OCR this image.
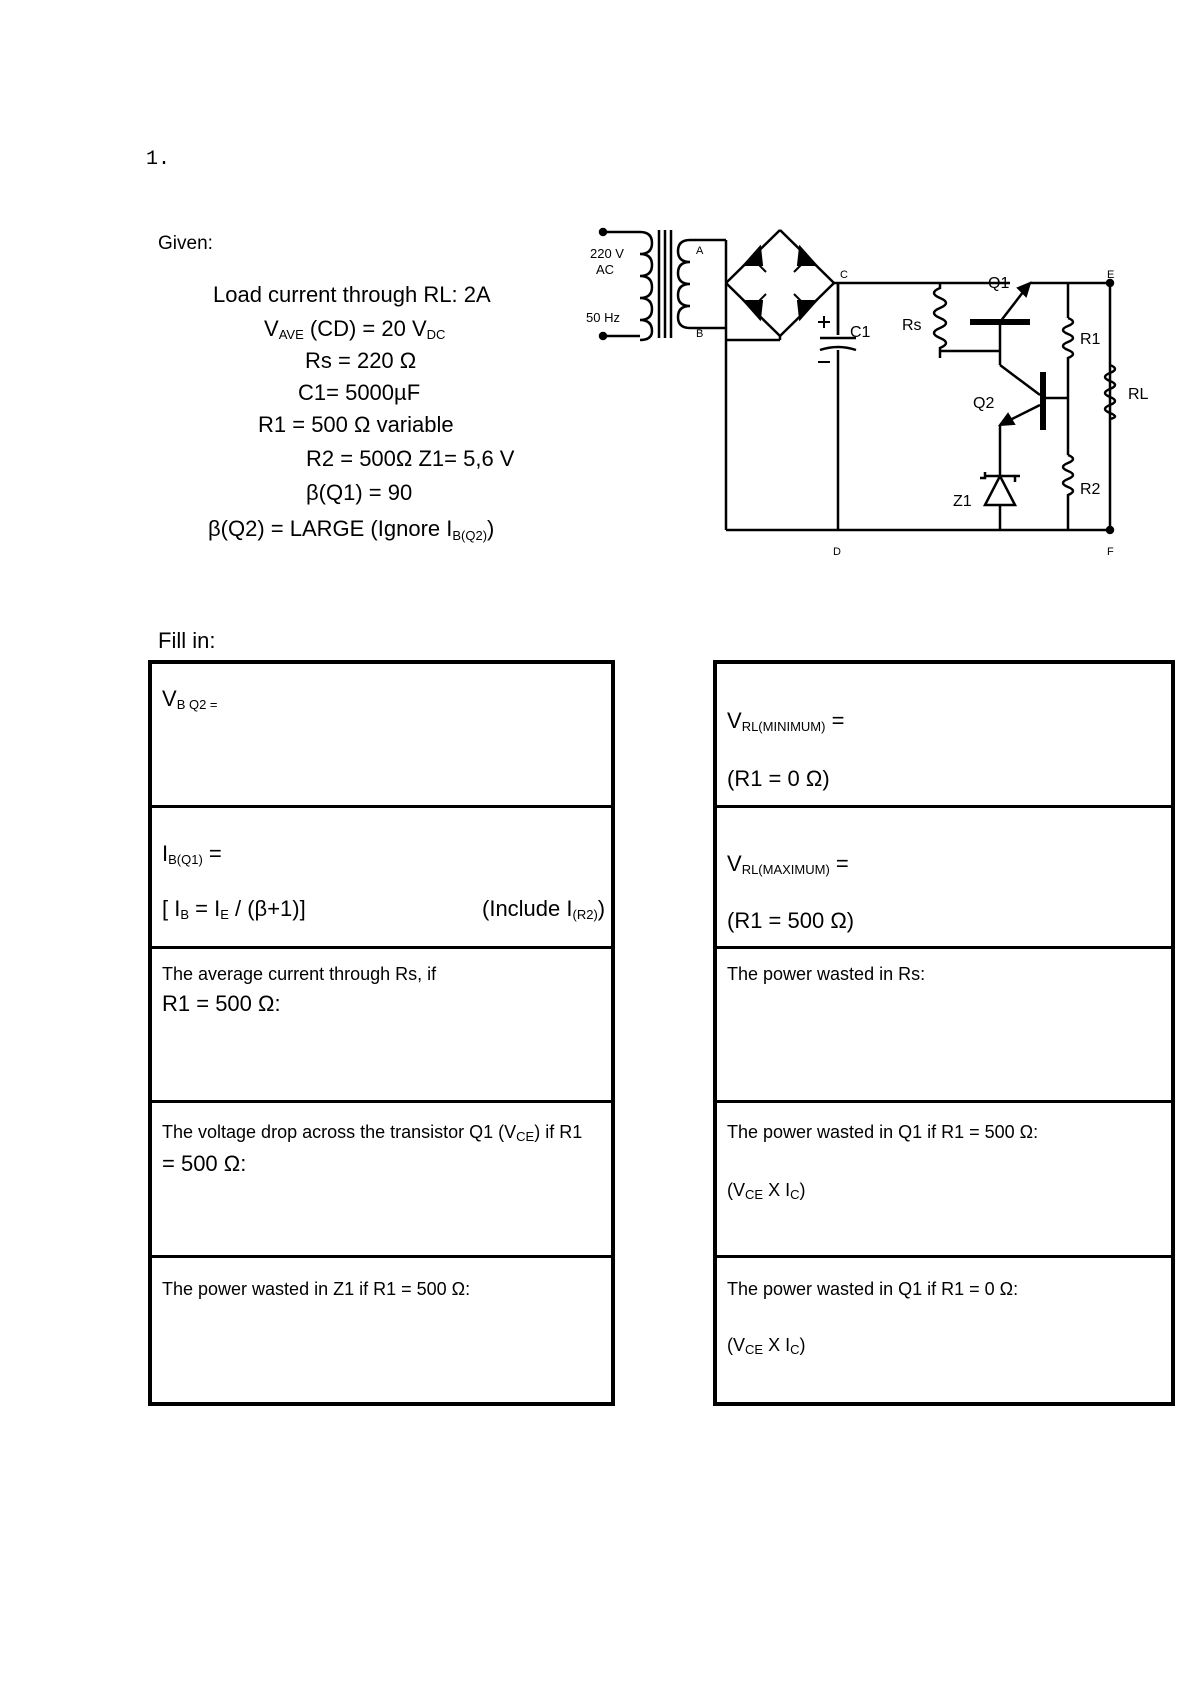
1.
Given:
Load current through RL: 2A
$V_{AVE}$ (CD) = 20 $V_{DC}$
Rs = 220 Ω
C1= 5000µF
R1 = 500 Ω variable
R2 = 500Ω Z1= 5,6 V
β(Q1) = 90
β(Q2) = LARGE (Ignore $I_{B(Q2)}$)
220 V
AC
50 Hz
A
B
C
D
E
F
C1 Rs
Q1
Q2
R1
R2
RL
Z1
Fill in:
$V_{B Q2 =}$
$I_{B(Q1)}$ =
[ $I_B = I_E / (\beta+1)$]	(Include $I_{(R2)}$)
The average current through Rs, if
R1 = 500 Ω:
The voltage drop across the transistor Q1 $(V_{CE})$ if R1
= 500 Ω:
The power wasted in Z1 if R1 = 500 Ω:
$V_{RL(MINIMUM)}$ =
(R1 = 0 Ω)
$V_{RL(MAXIMUM)}$ =
(R1 = 500 Ω)
The power wasted in Rs:
The power wasted in Q1 if R1 = 500 Ω:
($V_{CE}$ X $I_C$)
The power wasted in Q1 if R1 = 0 Ω:
($V_{CE}$ X $I_C$)
